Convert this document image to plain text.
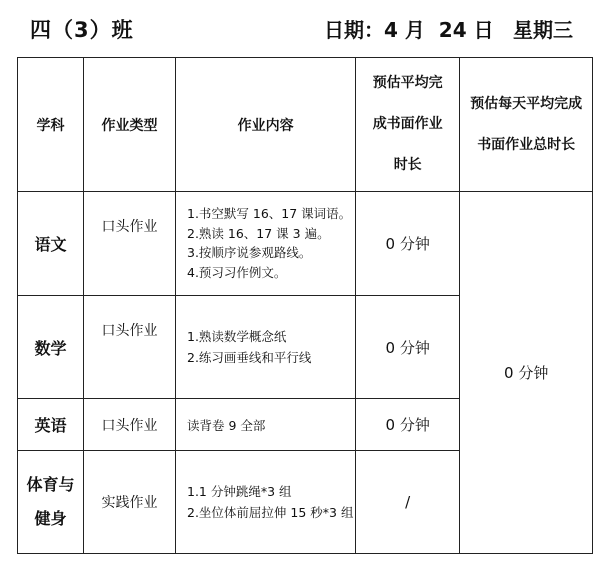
四（3）班	日期：4 月  24 日 星期三
学科	作业类型	作业内容	预估平均完
成书面作业
时长	预估每天平均完成
书面作业总时长

语文	口头作业	1.书空默写 16、17 课词语。
2.熟读 16、17 课 3 遍。
3.按顺序说参观路线。
4.预习习作例文。	0 分钟	0 分钟
数学	口头作业	1.熟读数学概念纸
2.练习画垂线和平行线	0 分钟	
英语	口头作业	读背卷 9 全部	0 分钟	

体育与
健身	实践作业	1.1 分钟跳绳*3 组
2.坐位体前屈拉伸 15 秒*3 组	/	
